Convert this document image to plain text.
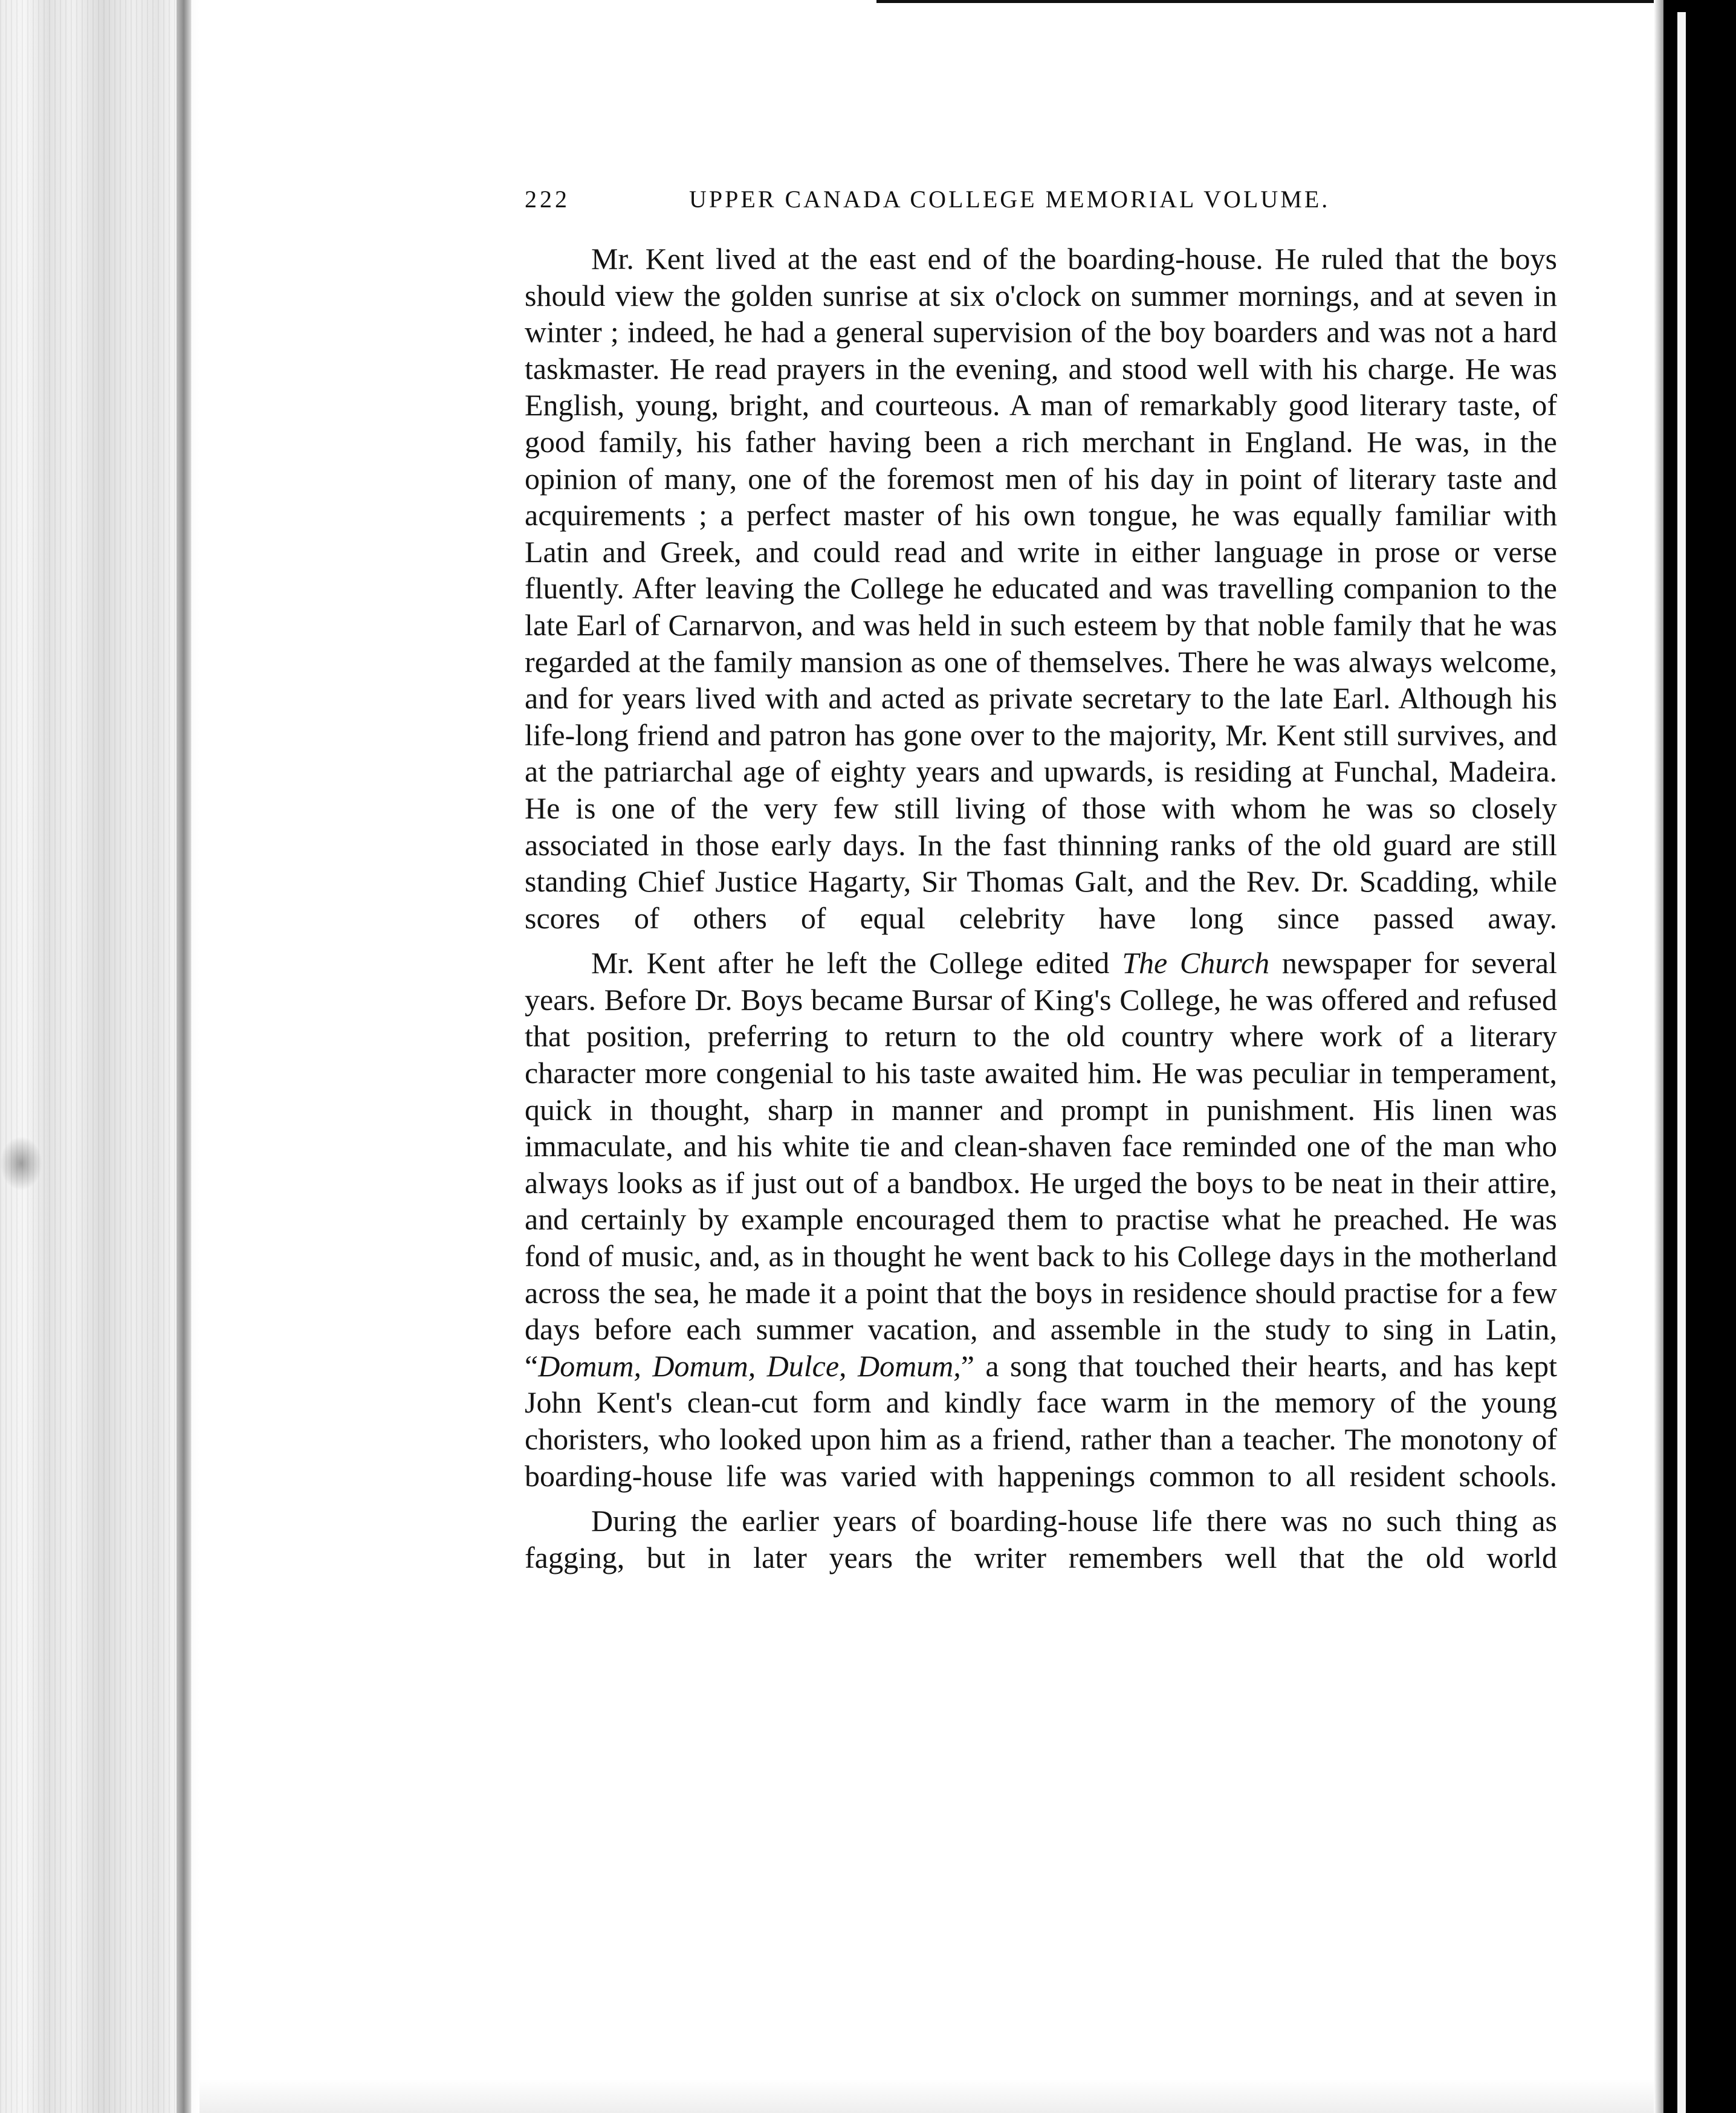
222	UPPER CANADA COLLEGE MEMORIAL VOLUME.

Mr. Kent lived at the east end of the boarding-house. He ruled that the boys should view the golden sunrise at six o'clock on summer mornings, and at seven in winter ; indeed, he had a general supervision of the boy boarders and was not a hard taskmaster. He read prayers in the evening, and stood well with his charge. He was English, young, bright, and courteous. A man of remarkably good literary taste, of good family, his father having been a rich merchant in England. He was, in the opinion of many, one of the foremost men of his day in point of literary taste and acquirements ; a perfect master of his own tongue, he was equally familiar with Latin and Greek, and could read and write in either language in prose or verse fluently. After leaving the College he educated and was travelling companion to the late Earl of Carnarvon, and was held in such esteem by that noble family that he was regarded at the family mansion as one of themselves. There he was always welcome, and for years lived with and acted as private secretary to the late Earl. Although his life-long friend and patron has gone over to the majority, Mr. Kent still survives, and at the patriarchal age of eighty years and upwards, is residing at Funchal, Madeira. He is one of the very few still living of those with whom he was so closely associated in those early days. In the fast thinning ranks of the old guard are still standing Chief Justice Hagarty, Sir Thomas Galt, and the Rev. Dr. Scadding, while scores of others of equal celebrity have long since passed away.

Mr. Kent after he left the College edited The Church newspaper for several years. Before Dr. Boys became Bursar of King's College, he was offered and refused that position, preferring to return to the old country where work of a literary character more congenial to his taste awaited him. He was peculiar in temperament, quick in thought, sharp in manner and prompt in punishment. His linen was immaculate, and his white tie and clean-shaven face reminded one of the man who always looks as if just out of a bandbox. He urged the boys to be neat in their attire, and certainly by example encouraged them to practise what he preached. He was fond of music, and, as in thought he went back to his College days in the motherland across the sea, he made it a point that the boys in residence should practise for a few days before each summer vacation, and assemble in the study to sing in Latin, “Domum, Domum, Dulce, Domum,” a song that touched their hearts, and has kept John Kent's clean-cut form and kindly face warm in the memory of the young choristers, who looked upon him as a friend, rather than a teacher. The monotony of boarding-house life was varied with happenings common to all resident schools.

During the earlier years of boarding-house life there was no such thing as fagging, but in later years the writer remembers well that the old world
